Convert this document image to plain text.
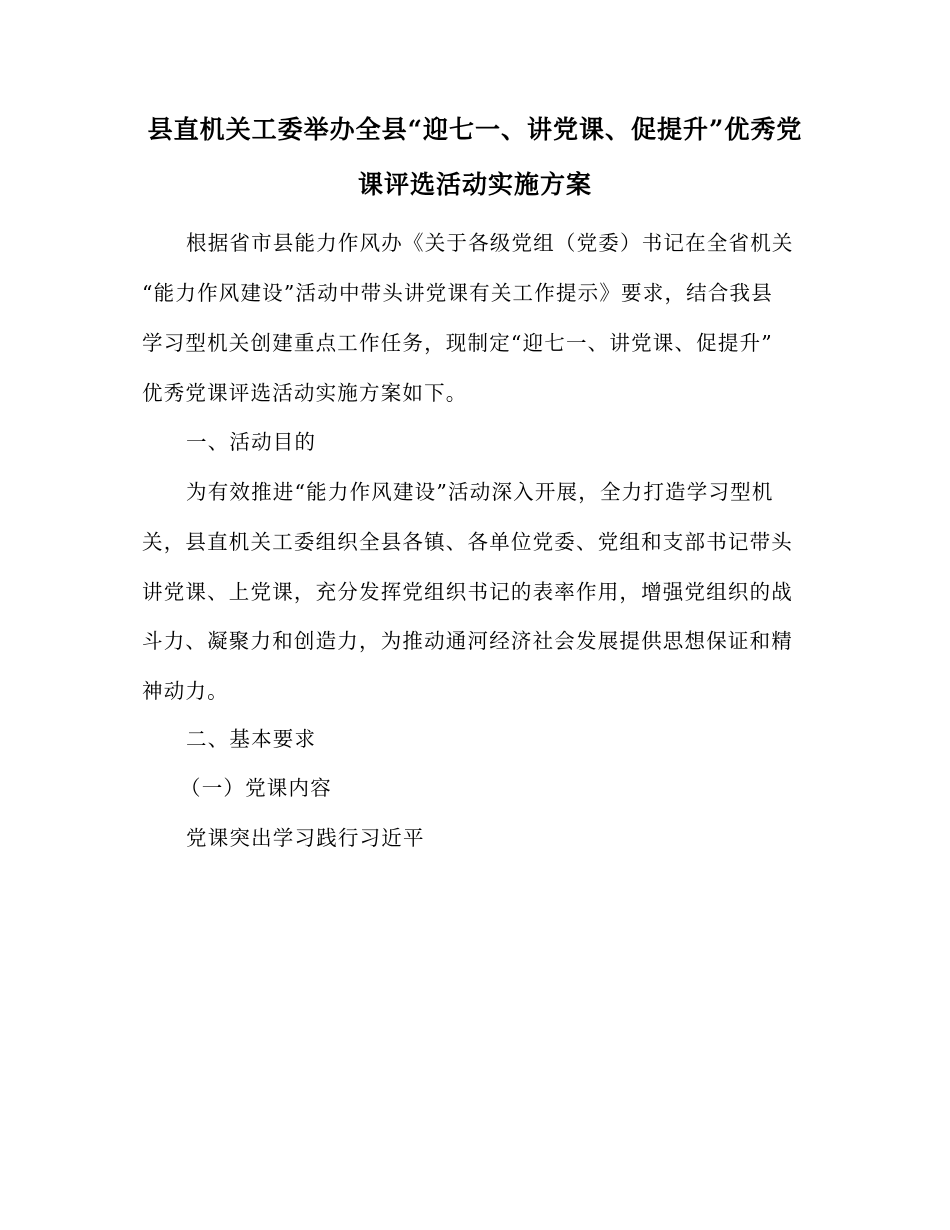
县直机关工委举办全县“迎七一、讲党课、促提升”优秀党
课评选活动实施方案
根据省市县能力作风办《关于各级党组（党委）书记在全省机关
“能力作风建设”活动中带头讲党课有关工作提示》要求，结合我县
学习型机关创建重点工作任务，现制定“迎七一、讲党课、促提升”
优秀党课评选活动实施方案如下。
一、活动目的
为有效推进“能力作风建设”活动深入开展，全力打造学习型机
关，县直机关工委组织全县各镇、各单位党委、党组和支部书记带头
讲党课、上党课，充分发挥党组织书记的表率作用，增强党组织的战
斗力、凝聚力和创造力，为推动通河经济社会发展提供思想保证和精
神动力。
二、基本要求
（一）党课内容
党课突出学习践行习近平
